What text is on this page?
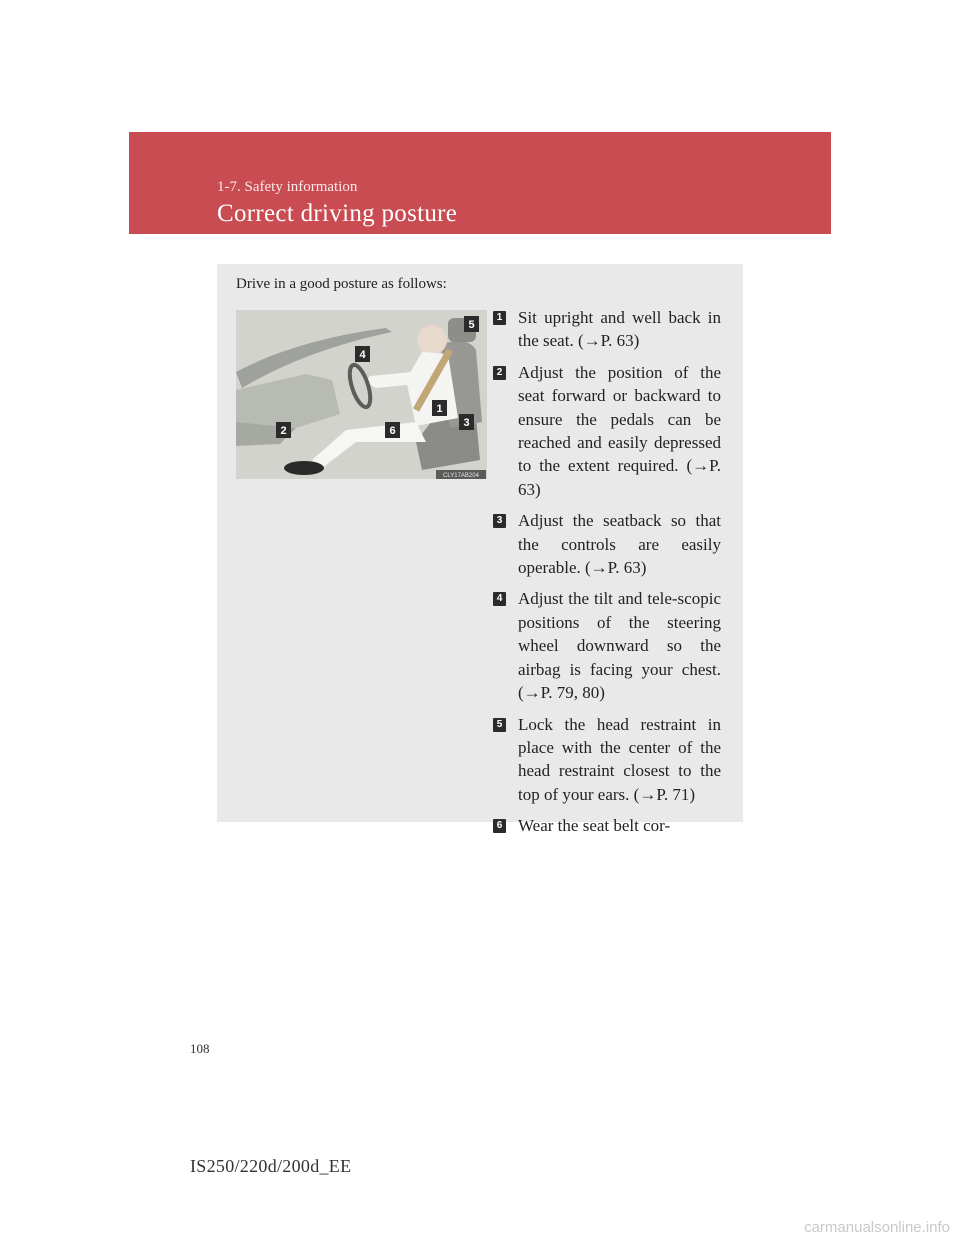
1-7. Safety information
Correct driving posture
Drive in a good posture as follows:
5
4
1
3
6
2
CLY17AB204
1 Sit upright and well back in the seat. (→P. 63)
2 Adjust the position of the seat forward or backward to ensure the pedals can be reached and easily depressed to the extent required. (→P. 63)
3 Adjust the seatback so that the controls are easily operable. (→P. 63)
4 Adjust the tilt and tele-scopic positions of the steering wheel downward so the airbag is facing your chest. (→P. 79, 80)
5 Lock the head restraint in place with the center of the head restraint closest to the top of your ears. (→P. 71)
6 Wear the seat belt cor-
108
IS250/220d/200d_EE
carmanualsonline.info
